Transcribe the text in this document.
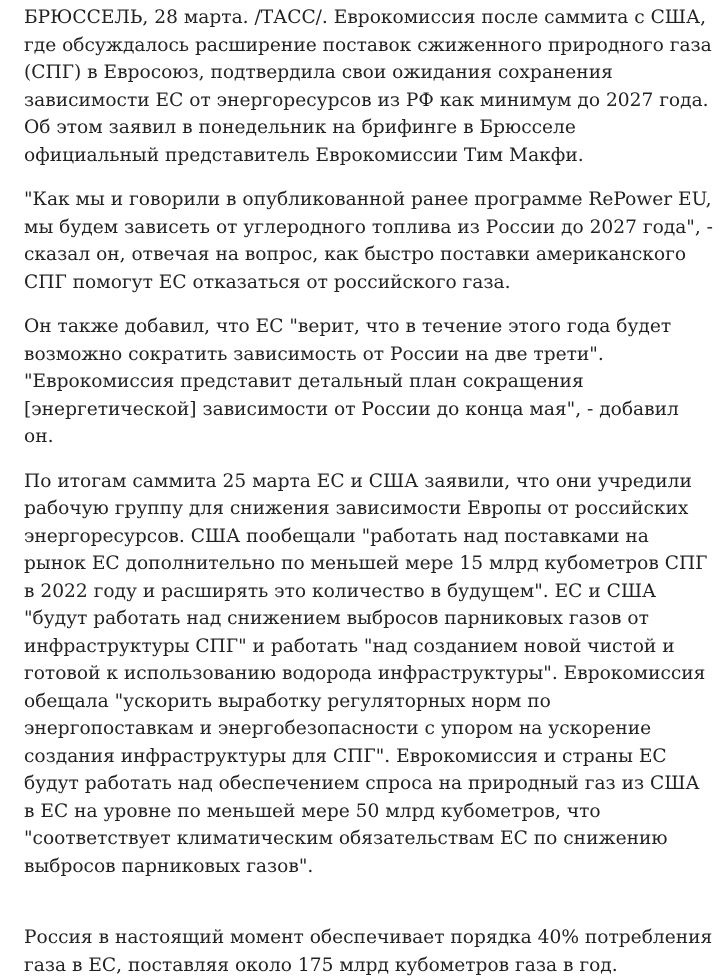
БРЮССЕЛЬ, 28 марта. /ТАСС/. Еврокомиссия после саммита с США, где обсуждалось расширение поставок сжиженного природного газа (СПГ) в Евросоюз, подтвердила свои ожидания сохранения зависимости ЕС от энергоресурсов из РФ как минимум до 2027 года. Об этом заявил в понедельник на брифинге в Брюсселе официальный представитель Еврокомиссии Тим Макфи.

"Как мы и говорили в опубликованной ранее программе RePower EU, мы будем зависеть от углеродного топлива из России до 2027 года", - сказал он, отвечая на вопрос, как быстро поставки американского СПГ помогут ЕС отказаться от российского газа.

Он также добавил, что ЕС "верит, что в течение этого года будет возможно сократить зависимость от России на две трети". "Еврокомиссия представит детальный план сокращения [энергетической] зависимости от России до конца мая", - добавил он.

По итогам саммита 25 марта ЕС и США заявили, что они учредили рабочую группу для снижения зависимости Европы от российских энергоресурсов. США пообещали "работать над поставками на рынок ЕС дополнительно по меньшей мере 15 млрд кубометров СПГ в 2022 году и расширять это количество в будущем". ЕС и США "будут работать над снижением выбросов парниковых газов от инфраструктуры СПГ" и работать "над созданием новой чистой и готовой к использованию водорода инфраструктуры". Еврокомиссия обещала "ускорить выработку регуляторных норм по энергопоставкам и энергобезопасности с упором на ускорение создания инфраструктуры для СПГ". Еврокомиссия и страны ЕС будут работать над обеспечением спроса на природный газ из США в ЕС на уровне по меньшей мере 50 млрд кубометров, что "соответствует климатическим обязательствам ЕС по снижению выбросов парниковых газов".

Россия в настоящий момент обеспечивает порядка 40% потребления газа в ЕС, поставляя около 175 млрд кубометров газа в год.
